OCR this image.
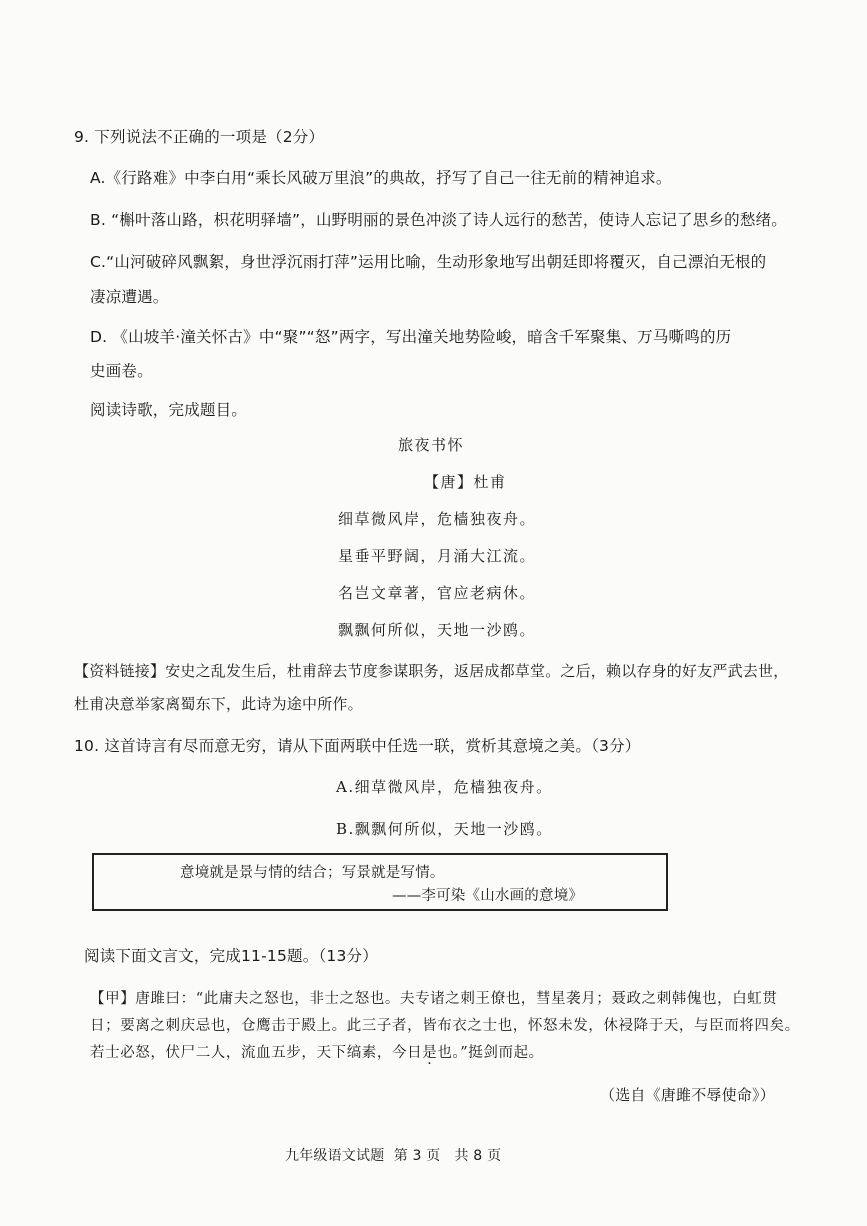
9. 下列说法不正确的一项是（2分）
A.《行路难》中李白用“乘长风破万里浪”的典故，抒写了自己一往无前的精神追求。
B. “槲叶落山路，枳花明驿墙”，山野明丽的景色冲淡了诗人远行的愁苦，使诗人忘记了思乡的愁绪。
C.“山河破碎风飘絮，身世浮沉雨打萍”运用比喻，生动形象地写出朝廷即将覆灭，自己漂泊无根的
凄凉遭遇。
D. 《山坡羊·潼关怀古》中“聚”“怒”两字，写出潼关地势险峻，暗含千军聚集、万马嘶鸣的历
史画卷。
阅读诗歌，完成题目。
旅夜书怀
【唐】杜甫
细草微风岸，危樯独夜舟。
星垂平野阔，月涌大江流。
名岂文章著，官应老病休。
飘飘何所似，天地一沙鸥。
【资料链接】安史之乱发生后，杜甫辞去节度参谋职务，返居成都草堂。之后，赖以存身的好友严武去世，
杜甫决意举家离蜀东下，此诗为途中所作。
10. 这首诗言有尽而意无穷，请从下面两联中任选一联，赏析其意境之美。（3分）
A.细草微风岸，危樯独夜舟。
B.飘飘何所似，天地一沙鸥。
意境就是景与情的结合；写景就是写情。
——李可染《山水画的意境》
阅读下面文言文，完成11-15题。（13分）
【甲】唐雎曰：“此庸夫之怒也，非士之怒也。夫专诸之刺王僚也，彗星袭月；聂政之刺韩傀也，白虹贯
日；要离之刺庆忌也，仓鹰击于殿上。此三子者，皆布衣之士也，怀怒未发，休祲降于天，与臣而将四矣。
若士必怒，伏尸二人，流血五步，天下缟素，今日是也。”挺剑而起。
（选自《唐雎不辱使命》）
九年级语文试题  第 3 页   共 8 页
